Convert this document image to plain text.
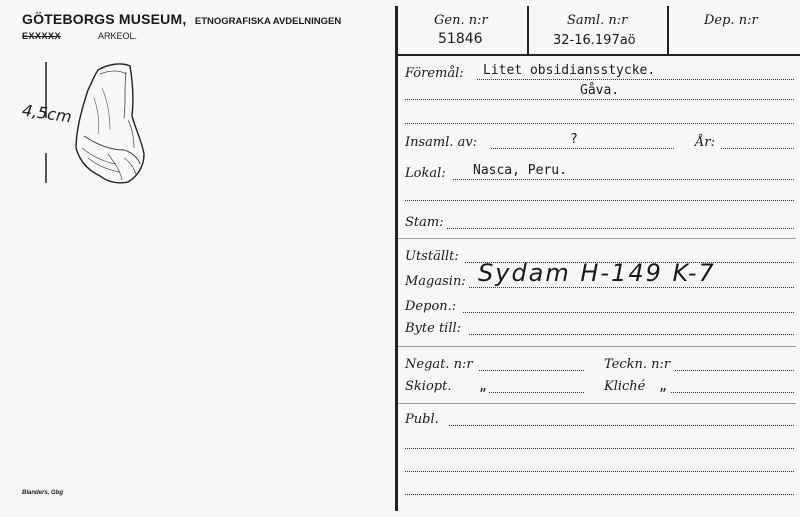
GÖTEBORGS MUSEUM, ETNOGRAFISKA AVDELNINGEN
EXXXXX	ARKEOL.
4,5cm
Blanders, Gbg
Gen. n:r
51846
Saml. n:r
32-16.197aö
Dep. n:r
Föremål: Litet obsidiansstycke.
Gåva.
Insaml. av:	?	År:
Lokal: Nasca, Peru.
Stam:
Utställt:
Magasin: Sydam H-149 K-7
Depon.:
Byte till:
Negat. n:r	Teckn. n:r
Skiopt. „	Kliché „
Publ.
